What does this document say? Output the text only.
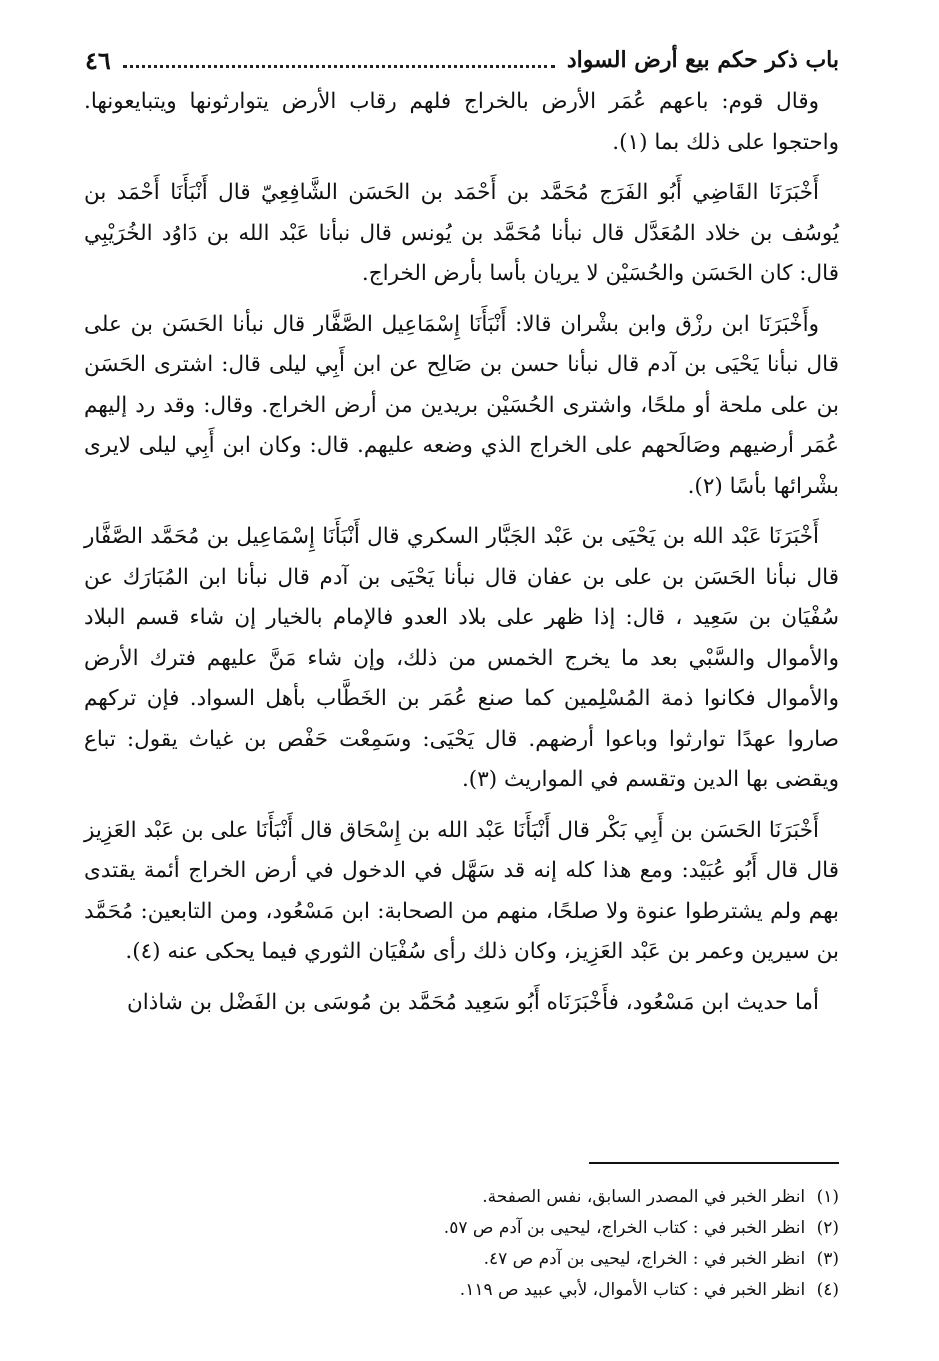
باب ذكر حكم بيع أرض السواد
٤٦

وقال قوم: باعهم عُمَر الأرض بالخراج فلهم رقاب الأرض يتوارثونها ويتبايعونها. واحتجوا على ذلك بما (١).

أَخْبَرَنَا القَاضِي أَبُو الفَرَج مُحَمَّد بن أَحْمَد بن الحَسَن الشَّافِعِيّ قال أَنْبَأَنَا أَحْمَد بن يُوسُف بن خلاد المُعَدَّل قال نبأنا مُحَمَّد بن يُونس قال نبأنا عَبْد الله بن دَاوُد الخُرَيْبِي قال: كان الحَسَن والحُسَيْن لا يريان بأسا بأرض الخراج.

وأَخْبَرَنَا ابن رزْق وابن بشْران قالا: أَنْبَأَنَا إِسْمَاعِيل الصَّفَّار قال نبأنا الحَسَن بن على قال نبأنا يَحْيَى بن آدم قال نبأنا حسن بن صَالِح عن ابن أَبِي ليلى قال: اشترى الحَسَن بن على ملحة أو ملحًا، واشترى الحُسَيْن بريدين من أرض الخراج. وقال: وقد رد إليهم عُمَر أرضيهم وصَالَحهم على الخراج الذي وضعه عليهم. قال: وكان ابن أَبِي ليلى لايرى بشْرائها بأسًا (٢).

أَخْبَرَنَا عَبْد الله بن يَحْيَى بن عَبْد الجَبَّار السكري قال أَنْبَأَنَا إِسْمَاعِيل بن مُحَمَّد الصَّفَّار قال نبأنا الحَسَن بن على بن عفان قال نبأنا يَحْيَى بن آدم قال نبأنا ابن المُبَارَك عن سُفْيَان بن سَعِيد ، قال: إذا ظهر على بلاد العدو فالإمام بالخيار إن شاء قسم البلاد والأموال والسَّبْي بعد ما يخرج الخمس من ذلك، وإن شاء مَنَّ عليهم فترك الأرض والأموال فكانوا ذمة المُسْلِمين كما صنع عُمَر بن الخَطَّاب بأهل السواد. فإن تركهم صاروا عهدًا توارثوا وباعوا أرضهم. قال يَحْيَى: وسَمِعْت حَفْص بن غياث يقول: تباع ويقضى بها الدين وتقسم في المواريث (٣).

أَخْبَرَنَا الحَسَن بن أَبِي بَكْر قال أَنْبَأَنَا عَبْد الله بن إِسْحَاق قال أَنْبَأَنَا على بن عَبْد العَزِيز قال قال أَبُو عُبَيْد: ومع هذا كله إنه قد سَهَّل في الدخول في أرض الخراج أئمة يقتدى بهم ولم يشترطوا عنوة ولا صلحًا، منهم من الصحابة: ابن مَسْعُود، ومن التابعين: مُحَمَّد بن سيرين وعمر بن عَبْد العَزِيز، وكان ذلك رأى سُفْيَان الثوري فيما يحكى عنه (٤).

أما حديث ابن مَسْعُود، فأَخْبَرَنَاه أَبُو سَعِيد مُحَمَّد بن مُوسَى بن الفَضْل بن شاذان

(١) انظر الخبر في المصدر السابق، نفس الصفحة.
(٢) انظر الخبر في : كتاب الخراج، ليحيى بن آدم ص ٥٧.
(٣) انظر الخبر في : الخراج، ليحيى بن آدم ص ٤٧.
(٤) انظر الخبر في : كتاب الأموال، لأبي عبيد ص ١١٩.
